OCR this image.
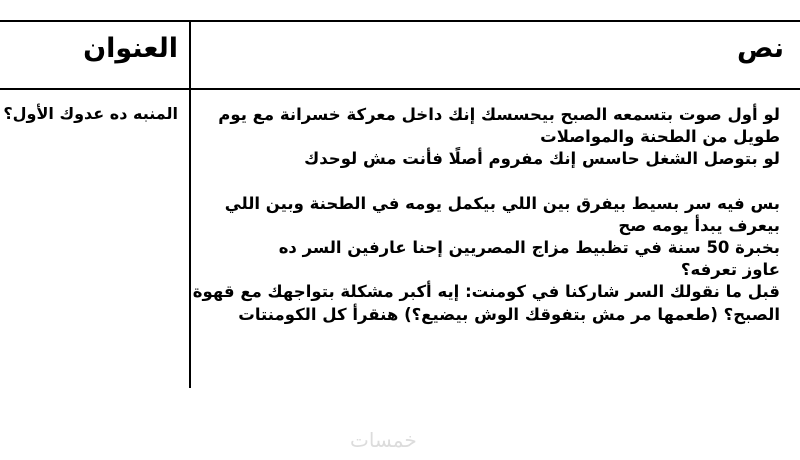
نص
العنوان
المنبه ده عدوك الأول؟	لو أول صوت بتسمعه الصبح بيحسسك إنك داخل معركة خسرانة مع يوم
طويل من الطحنة والمواصلات
لو بتوصل الشغل حاسس إنك مفروم أصلًا فأنت مش لوحدك
بس فيه سر بسيط بيفرق بين اللي بيكمل يومه في الطحنة وبين اللي
بيعرف يبدأ يومه صح
بخبرة 50 سنة في تظبيط مزاج المصريين إحنا عارفين السر ده
عاوز تعرفه؟
قبل ما نقولك السر شاركنا في كومنت: إيه أكبر مشكلة بتواجهك مع قهوة
الصبح؟ (طعمها مر مش بتفوقك الوش بيضيع؟) هنقرأ كل الكومنتات
خمسات
